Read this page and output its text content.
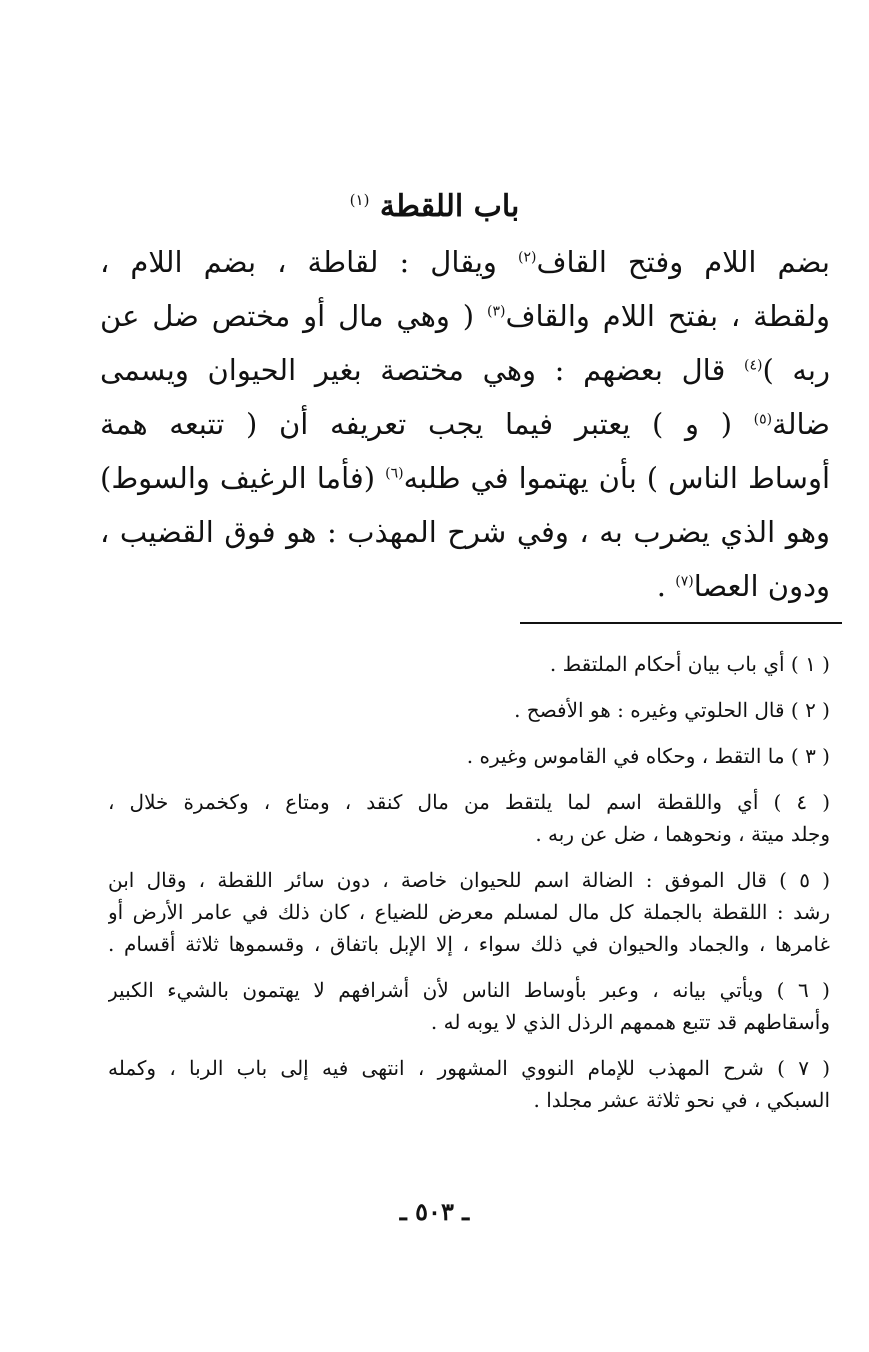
باب اللقطة $^{(١)}$
بضم اللام وفتح القاف$^{(٢)}$ ويقال : لقاطة ، بضم اللام ،
ولقطة ، بفتح اللام والقاف$^{(٣)}$ ( وهي مال أو مختص ضل عن
ربه )$^{(٤)}$ قال بعضهم : وهي مختصة بغير الحيوان ويسمى
ضالة$^{(٥)}$ ( و ) يعتبر فيما يجب تعريفه أن ( تتبعه همة
أوساط الناس ) بأن يهتموا في طلبه$^{(٦)}$ (فأما الرغيف والسوط)
وهو الذي يضرب به ، وفي شرح المهذب : هو فوق القضيب ،
ودون العصا$^{(٧)}$ .
( ١ ) أي باب بيان أحكام الملتقط .
( ٢ ) قال الحلوتي وغيره : هو الأفصح .
( ٣ ) ما التقط ، وحكاه في القاموس وغيره .
( ٤ ) أي واللقطة اسم لما يلتقط من مال كنقد ، ومتاع ، وكخمرة خلال ،
وجلد ميتة ، ونحوهما ، ضل عن ربه .
( ٥ ) قال الموفق : الضالة اسم للحيوان خاصة ، دون سائر اللقطة ، وقال ابن
رشد : اللقطة بالجملة كل مال لمسلم معرض للضياع ، كان ذلك في عامر الأرض أو
غامرها ، والجماد والحيوان في ذلك سواء ، إلا الإبل باتفاق ، وقسموها ثلاثة أقسام .
( ٦ ) ويأتي بيانه ، وعبر بأوساط الناس لأن أشرافهم لا يهتمون بالشيء الكبير
وأسقاطهم قد تتبع هممهم الرذل الذي لا يوبه له .
( ٧ ) شرح المهذب للإمام النووي المشهور ، انتهى فيه إلى باب الربا ، وكمله
السبكي ، في نحو ثلاثة عشر مجلدا .
ـ ٥٠٣ ـ
